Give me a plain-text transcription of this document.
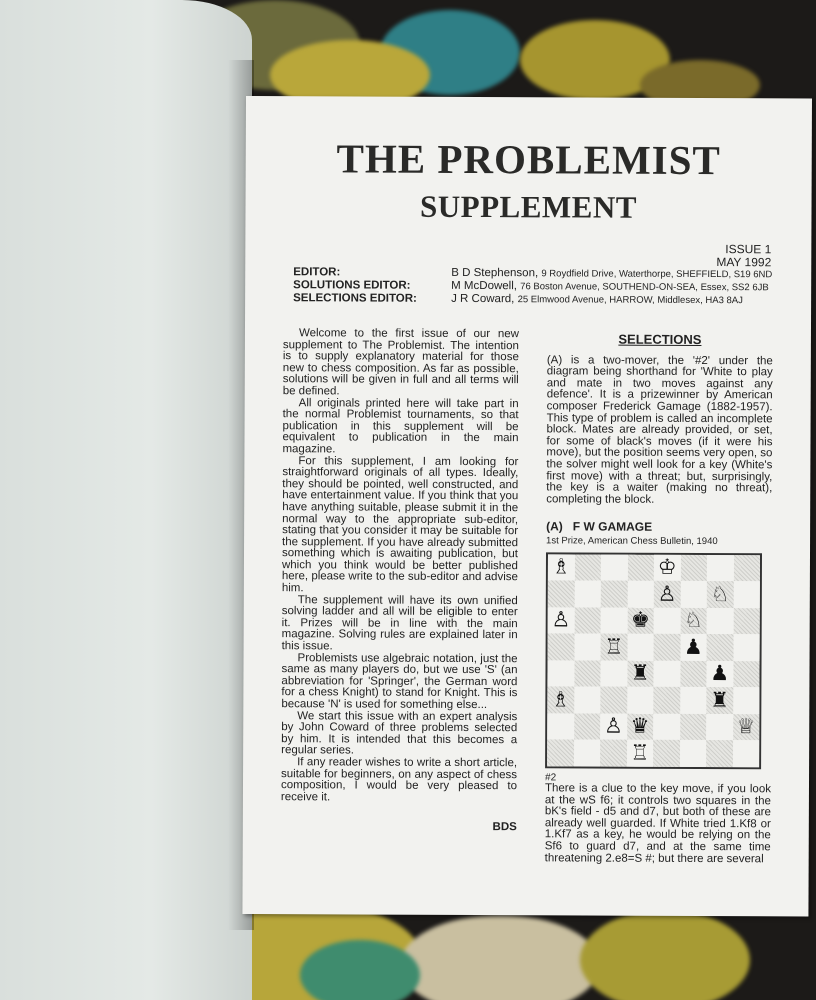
THE PROBLEMIST
SUPPLEMENT
ISSUE 1
MAY 1992
EDITOR:	B D Stephenson, 9 Roydfield Drive, Waterthorpe, SHEFFIELD, S19 6ND
SOLUTIONS EDITOR:	M McDowell, 76 Boston Avenue, SOUTHEND-ON-SEA, Essex, SS2 6JB
SELECTIONS EDITOR:	J R Coward, 25 Elmwood Avenue, HARROW, Middlesex, HA3 8AJ

Welcome to the first issue of our new supplement to The Problemist. The intention is to supply explanatory material for those new to chess composition. As far as possible, solutions will be given in full and all terms will be defined.

All originals printed here will take part in the normal Problemist tournaments, so that publication in this supplement will be equivalent to publication in the main magazine.

For this supplement, I am looking for straightforward originals of all types. Ideally, they should be pointed, well constructed, and have entertainment value. If you think that you have anything suitable, please submit it in the normal way to the appropriate sub-editor, stating that you consider it may be suitable for the supplement. If you have already submitted something which is awaiting publication, but which you think would be better published here, please write to the sub-editor and advise him.

The supplement will have its own unified solving ladder and all will be eligible to enter it. Prizes will be in line with the main magazine. Solving rules are explained later in this issue.

Problemists use algebraic notation, just the same as many players do, but we use 'S' (an abbreviation for 'Springer', the German word for a chess Knight) to stand for Knight. This is because 'N' is used for something else...

We start this issue with an expert analysis by John Coward of three problems selected by him. It is intended that this becomes a regular series.

If any reader wishes to write a short article, suitable for beginners, on any aspect of chess composition, I would be very pleased to receive it.

BDS
SELECTIONS

(A) is a two-mover, the '#2' under the diagram being shorthand for 'White to play and mate in two moves against any defence'. It is a prizewinner by American composer Frederick Gamage (1882-1957). This type of problem is called an incomplete block. Mates are already provided, or set, for some of black's moves (if it were his move), but the position seems very open, so the solver might well look for a key (White's first move) with a threat; but, surprisingly, the key is a waiter (making no threat), completing the block.

(A) F W GAMAGE
1st Prize, American Chess Bulletin, 1940
♗	♔
♙ ♘
♙	♚ ♘
♖	♟
♜	♟
♗	♜
♙ ♛	♕
♖
#2

There is a clue to the key move, if you look at the wS f6; it controls two squares in the bK's field - d5 and d7, but both of these are already well guarded. If White tried 1.Kf8 or 1.Kf7 as a key, he would be relying on the Sf6 to guard d7, and at the same time threatening 2.e8=S #; but there are several
